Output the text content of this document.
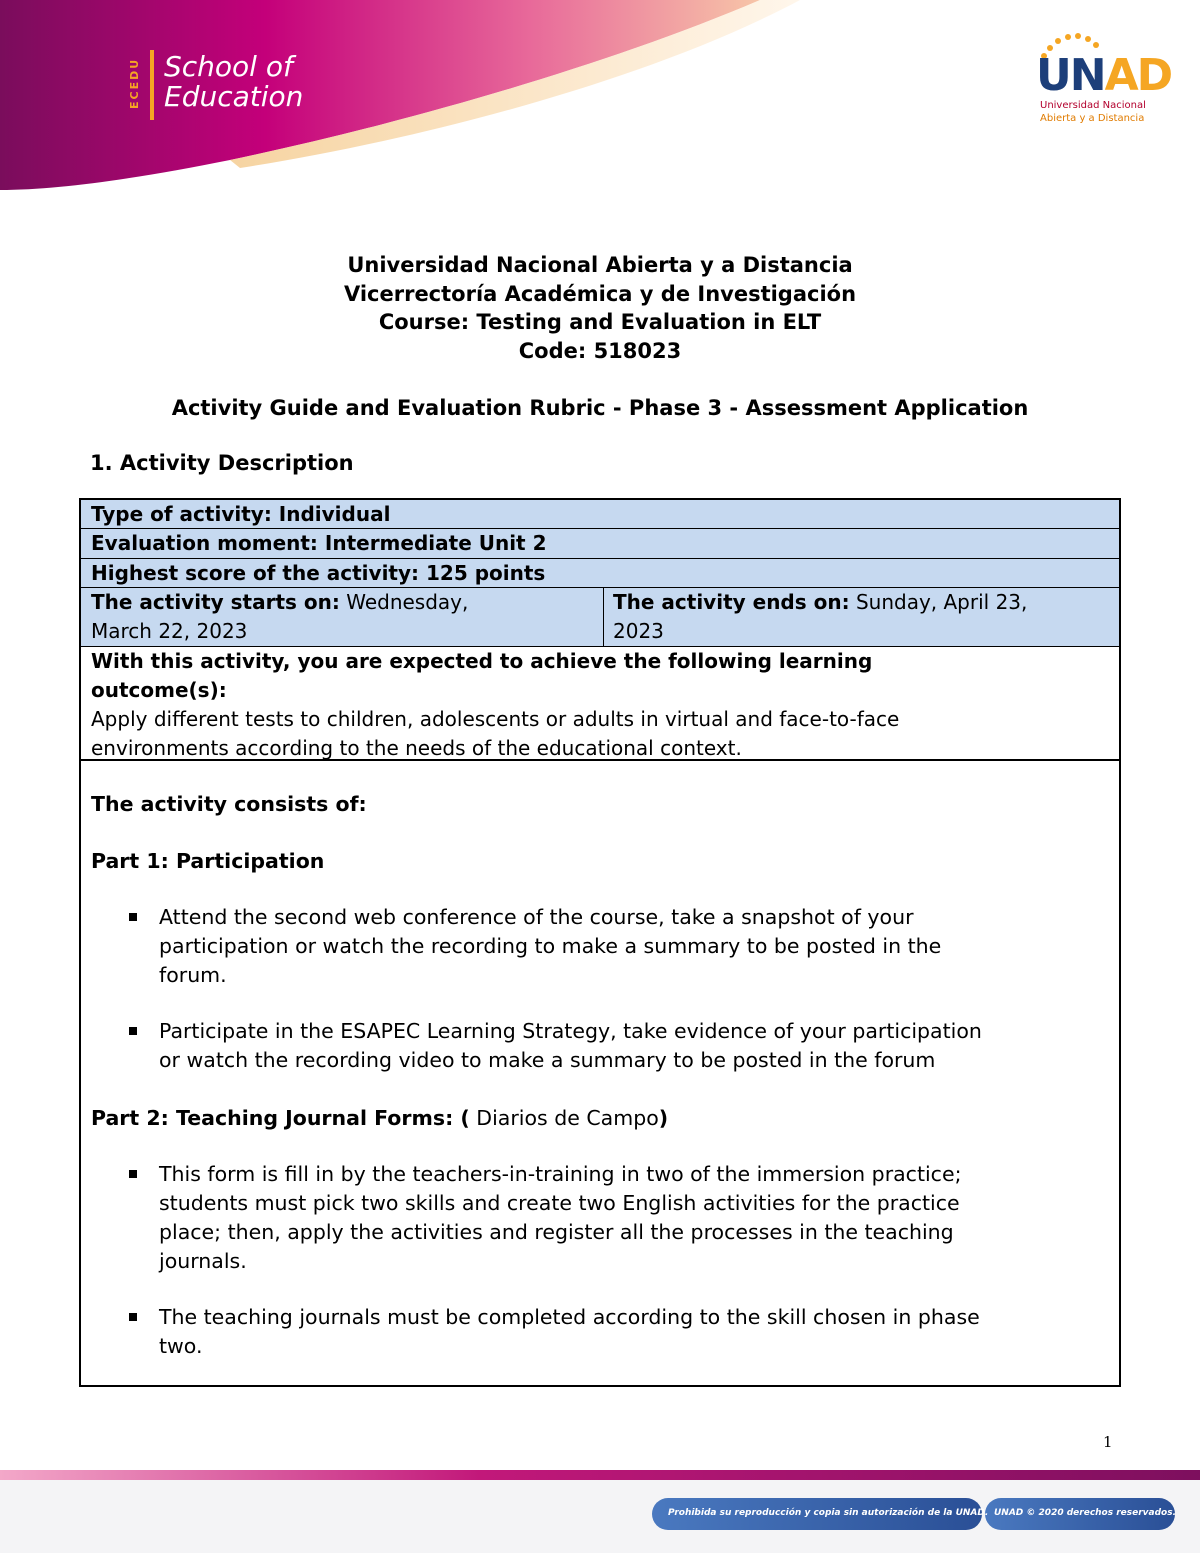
ECEDU School of
Education	UNAD
Universidad Nacional
Abierta y a Distancia
Universidad Nacional Abierta y a Distancia
Vicerrectoría Académica y de Investigación
Course: Testing and Evaluation in ELT
Code: 518023
Activity Guide and Evaluation Rubric - Phase 3 - Assessment Application
1. Activity Description
Type of activity: Individual
Evaluation moment: Intermediate Unit 2
Highest score of the activity: 125 points
The activity starts on: Wednesday,
March 22, 2023
The activity ends on: Sunday, April 23,
2023
With this activity, you are expected to achieve the following learning
outcome(s):
Apply different tests to children, adolescents or adults in virtual and face-to-face
environments according to the needs of the educational context.
The activity consists of:
Part 1: Participation
Attend the second web conference of the course, take a snapshot of your
participation or watch the recording to make a summary to be posted in the
forum.
Participate in the ESAPEC Learning Strategy, take evidence of your participation
or watch the recording video to make a summary to be posted in the forum
Part 2: Teaching Journal Forms: ( Diarios de Campo)
This form is fill in by the teachers-in-training in two of the immersion practice;
students must pick two skills and create two English activities for the practice
place; then, apply the activities and register all the processes in the teaching
journals.
The teaching journals must be completed according to the skill chosen in phase
two.
1
Prohibida su reproducción y copia sin autorización de la UNAD. UNAD © 2020 derechos reservados.
